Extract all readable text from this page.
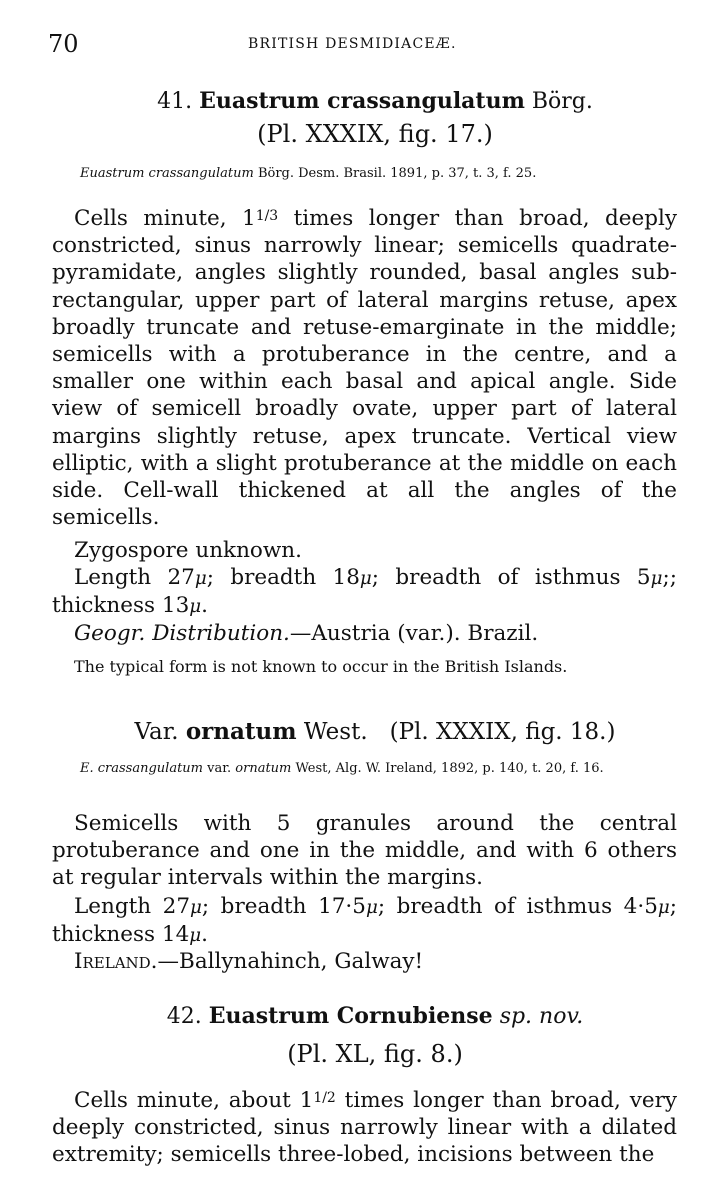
70	BRITISH DESMIDIACEÆ.
41. Euastrum crassangulatum Börg.
(Pl. XXXIX, fig. 17.)
Euastrum crassangulatum Börg. Desm. Brasil. 1891, p. 37, t. 3, f. 25.
Cells minute, $1^{1/3}$ times longer than broad, deeply constricted, sinus narrowly linear; semicells quadrate-pyramidate, angles slightly rounded, basal angles sub-rectangular, upper part of lateral margins retuse, apex broadly truncate and retuse-emarginate in the middle; semicells with a protuberance in the centre, and a smaller one within each basal and apical angle. Side view of semicell broadly ovate, upper part of lateral margins slightly retuse, apex truncate. Vertical view elliptic, with a slight protuberance at the middle on each side. Cell-wall thickened at all the angles of the semicells.
Zygospore unknown.
Length 27μ; breadth 18μ; breadth of isthmus 5μ;; thickness 13μ.
Geogr. Distribution.—Austria (var.). Brazil.
The typical form is not known to occur in the British Islands.
Var. ornatum West. (Pl. XXXIX, fig. 18.)
E. crassangulatum var. ornatum West, Alg. W. Ireland, 1892, p. 140, t. 20, f. 16.
Semicells with 5 granules around the central protuberance and one in the middle, and with 6 others at regular intervals within the margins.
Length 27μ; breadth 17·5μ; breadth of isthmus 4·5μ; thickness 14μ.
Ireland.—Ballynahinch, Galway!
42. Euastrum Cornubiense sp. nov.
(Pl. XL, fig. 8.)
Cells minute, about $1^{1/2}$ times longer than broad, very deeply constricted, sinus narrowly linear with a dilated extremity; semicells three-lobed, incisions between the
